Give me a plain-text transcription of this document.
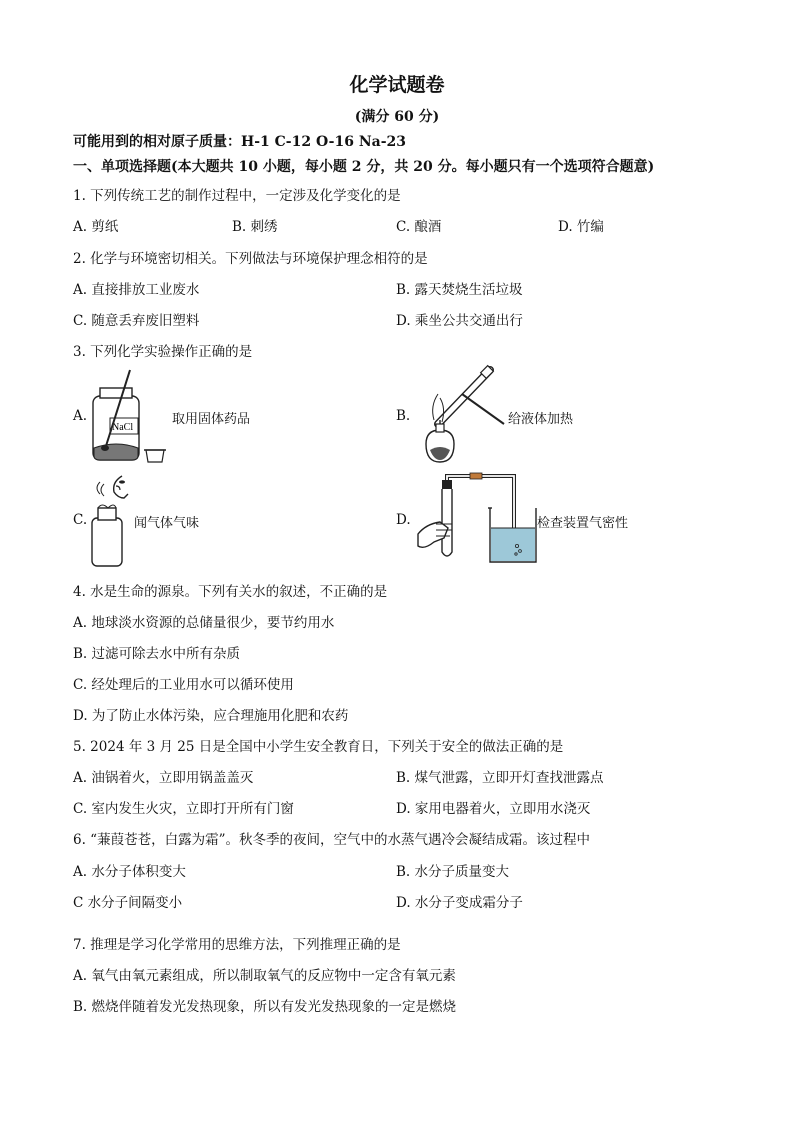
化学试题卷
(满分 60 分)
可能用到的相对原子质量：H-1 C-12 O-16 Na-23
一、单项选择题(本大题共 10 小题，每小题 2 分，共 20 分。每小题只有一个选项符合题意)
1. 下列传统工艺的制作过程中，一定涉及化学变化的是
A. 剪纸	B. 刺绣	C. 酿酒	D. 竹编
2. 化学与环境密切相关。下列做法与环境保护理念相符的是
A. 直接排放工业废水	B. 露天焚烧生活垃圾
C. 随意丢弃废旧塑料	D. 乘坐公共交通出行
3. 下列化学实验操作正确的是
A.
NaCl
取用固体药品	B.	给液体加热
C.	闻气体气味	D.	检查装置气密性
4. 水是生命的源泉。下列有关水的叙述，不正确的是
A. 地球淡水资源的总储量很少，要节约用水
B. 过滤可除去水中所有杂质
C. 经处理后的工业用水可以循环使用
D. 为了防止水体污染，应合理施用化肥和农药
5. 2024 年 3 月 25 日是全国中小学生安全教育日，下列关于安全的做法正确的是
A. 油锅着火，立即用锅盖盖灭	B. 煤气泄露，立即开灯查找泄露点
C. 室内发生火灾，立即打开所有门窗	D. 家用电器着火，立即用水浇灭
6. “蒹葭苍苍，白露为霜”。秋冬季的夜间，空气中的水蒸气遇冷会凝结成霜。该过程中
A. 水分子体积变大	B. 水分子质量变大
C 水分子间隔变小	D. 水分子变成霜分子
7. 推理是学习化学常用的思维方法，下列推理正确的是
A. 氧气由氧元素组成，所以制取氧气的反应物中一定含有氧元素
B. 燃烧伴随着发光发热现象，所以有发光发热现象的一定是燃烧
